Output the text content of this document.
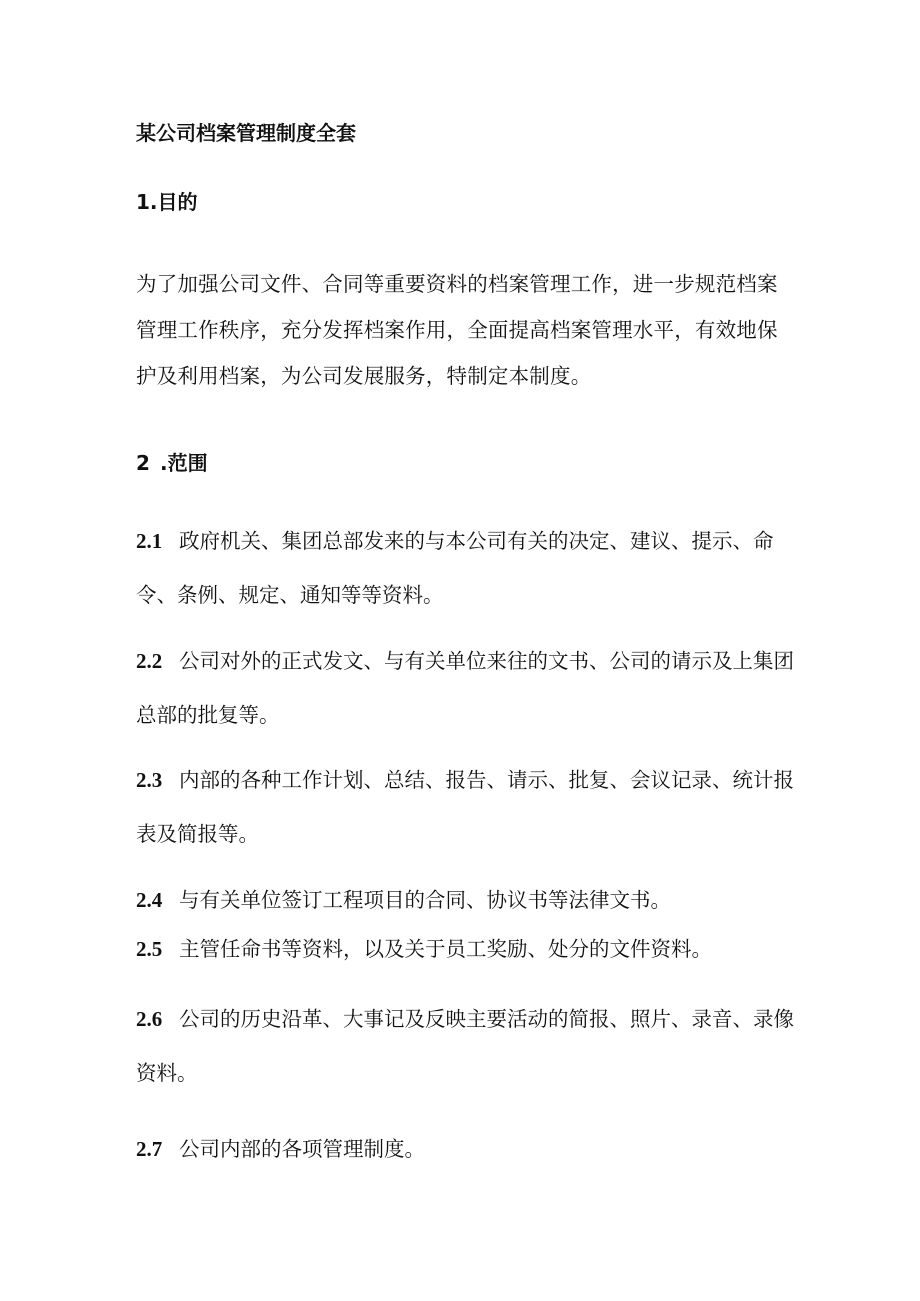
某公司档案管理制度全套
1.目的
为了加强公司文件、合同等重要资料的档案管理工作，进一步规范档案管理工作秩序，充分发挥档案作用，全面提高档案管理水平，有效地保护及利用档案，为公司发展服务，特制定本制度。
2 .范围
2.1 政府机关、集团总部发来的与本公司有关的决定、建议、提示、命令、条例、规定、通知等等资料。
2.2 公司对外的正式发文、与有关单位来往的文书、公司的请示及上集团总部的批复等。
2.3 内部的各种工作计划、总结、报告、请示、批复、会议记录、统计报表及简报等。
2.4 与有关单位签订工程项目的合同、协议书等法律文书。
2.5 主管任命书等资料，以及关于员工奖励、处分的文件资料。
2.6 公司的历史沿革、大事记及反映主要活动的简报、照片、录音、录像资料。
2.7 公司内部的各项管理制度。
